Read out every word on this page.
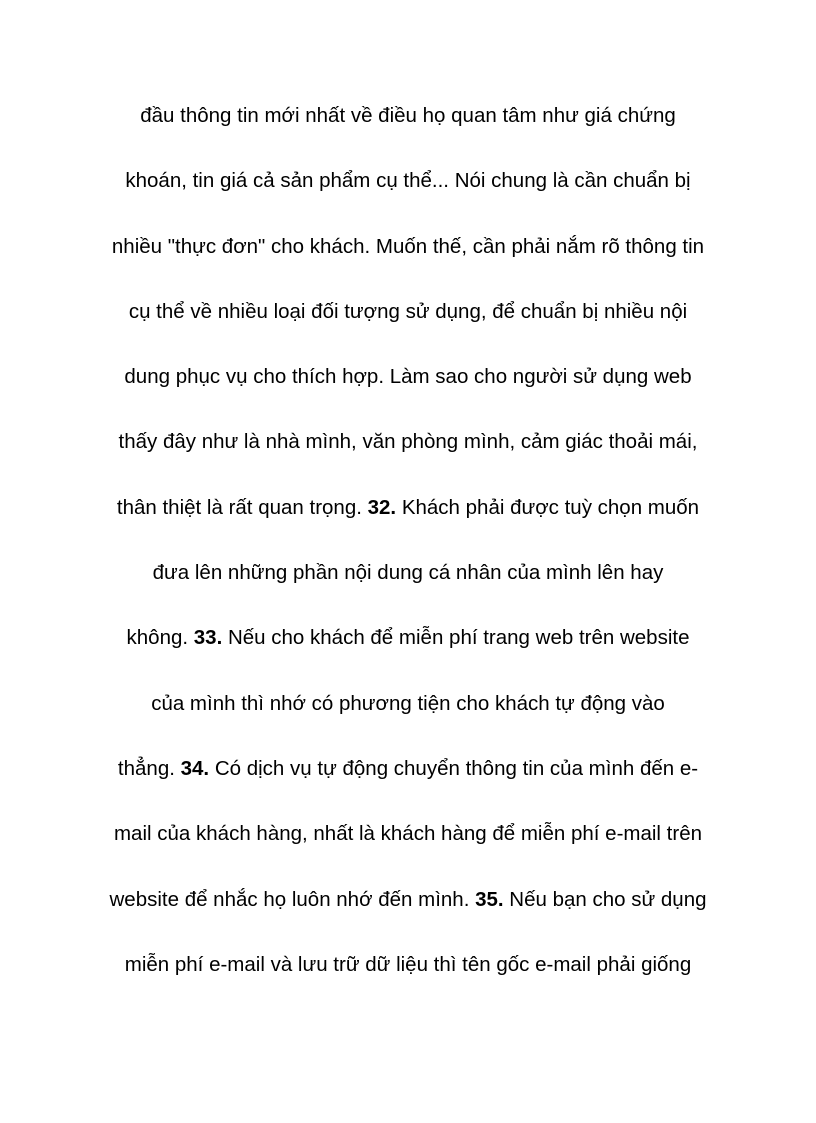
đầu thông tin mới nhất về điều họ quan tâm như giá chứng
khoán, tin giá cả sản phẩm cụ thể... Nói chung là cần chuẩn bị
nhiều "thực đơn" cho khách. Muốn thế, cần phải nắm rõ thông tin
cụ thể về nhiều loại đối tượng sử dụng, để chuẩn bị nhiều nội
dung phục vụ cho thích hợp. Làm sao cho người sử dụng web
thấy đây như là nhà mình, văn phòng mình, cảm giác thoải mái,
thân thiệt là rất quan trọng. 32. Khách phải được tuỳ chọn muốn
đưa lên những phần nội dung cá nhân của mình lên hay
không. 33. Nếu cho khách để miễn phí trang web trên website
của mình thì nhớ có phương tiện cho khách tự động vào
thẳng. 34. Có dịch vụ tự động chuyển thông tin của mình đến e-
mail của khách hàng, nhất là khách hàng để miễn phí e-mail trên
website để nhắc họ luôn nhớ đến mình. 35. Nếu bạn cho sử dụng
miễn phí e-mail và lưu trữ dữ liệu thì tên gốc e-mail phải giống
